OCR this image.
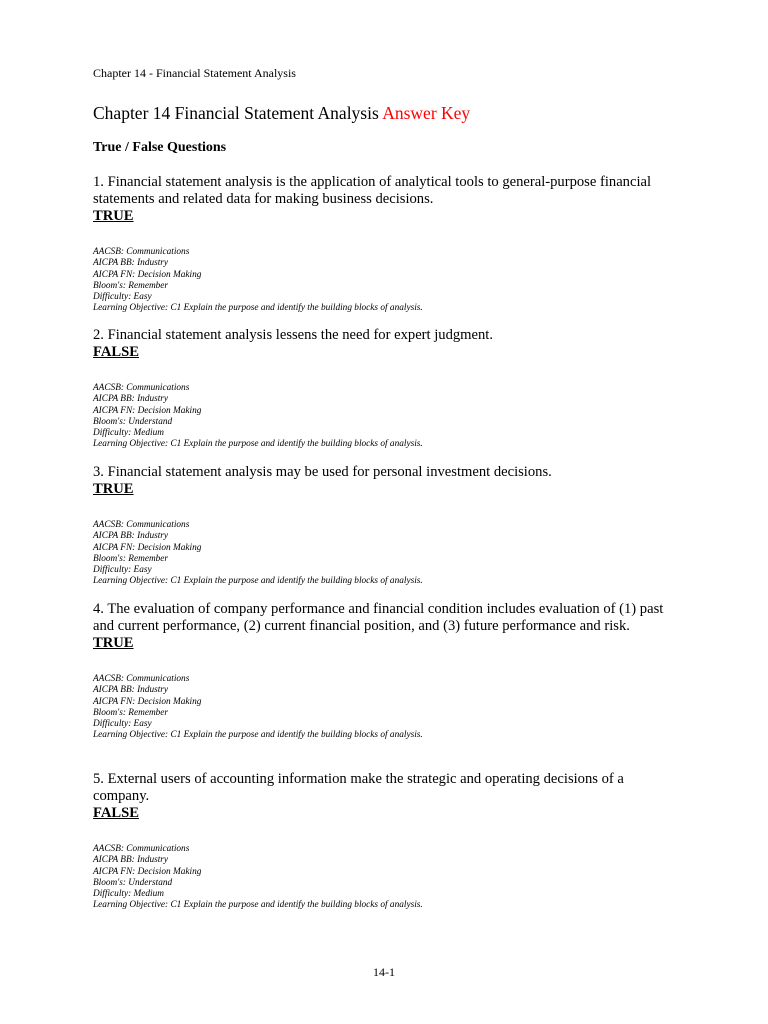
Chapter 14 - Financial Statement Analysis
Chapter 14 Financial Statement Analysis Answer Key
True / False Questions

1. Financial statement analysis is the application of analytical tools to general-purpose financial statements and related data for making business decisions.

TRUE
AACSB: Communications
AICPA BB: Industry
AICPA FN: Decision Making
Bloom's: Remember
Difficulty: Easy
Learning Objective: C1 Explain the purpose and identify the building blocks of analysis.

2. Financial statement analysis lessens the need for expert judgment.

FALSE
AACSB: Communications
AICPA BB: Industry
AICPA FN: Decision Making
Bloom's: Understand
Difficulty: Medium
Learning Objective: C1 Explain the purpose and identify the building blocks of analysis.

3. Financial statement analysis may be used for personal investment decisions.

TRUE
AACSB: Communications
AICPA BB: Industry
AICPA FN: Decision Making
Bloom's: Remember
Difficulty: Easy
Learning Objective: C1 Explain the purpose and identify the building blocks of analysis.

4. The evaluation of company performance and financial condition includes evaluation of (1) past and current performance, (2) current financial position, and (3) future performance and risk.

TRUE
AACSB: Communications
AICPA BB: Industry
AICPA FN: Decision Making
Bloom's: Remember
Difficulty: Easy
Learning Objective: C1 Explain the purpose and identify the building blocks of analysis.

5. External users of accounting information make the strategic and operating decisions of a company.

FALSE
AACSB: Communications
AICPA BB: Industry
AICPA FN: Decision Making
Bloom's: Understand
Difficulty: Medium
Learning Objective: C1 Explain the purpose and identify the building blocks of analysis.
14-1
